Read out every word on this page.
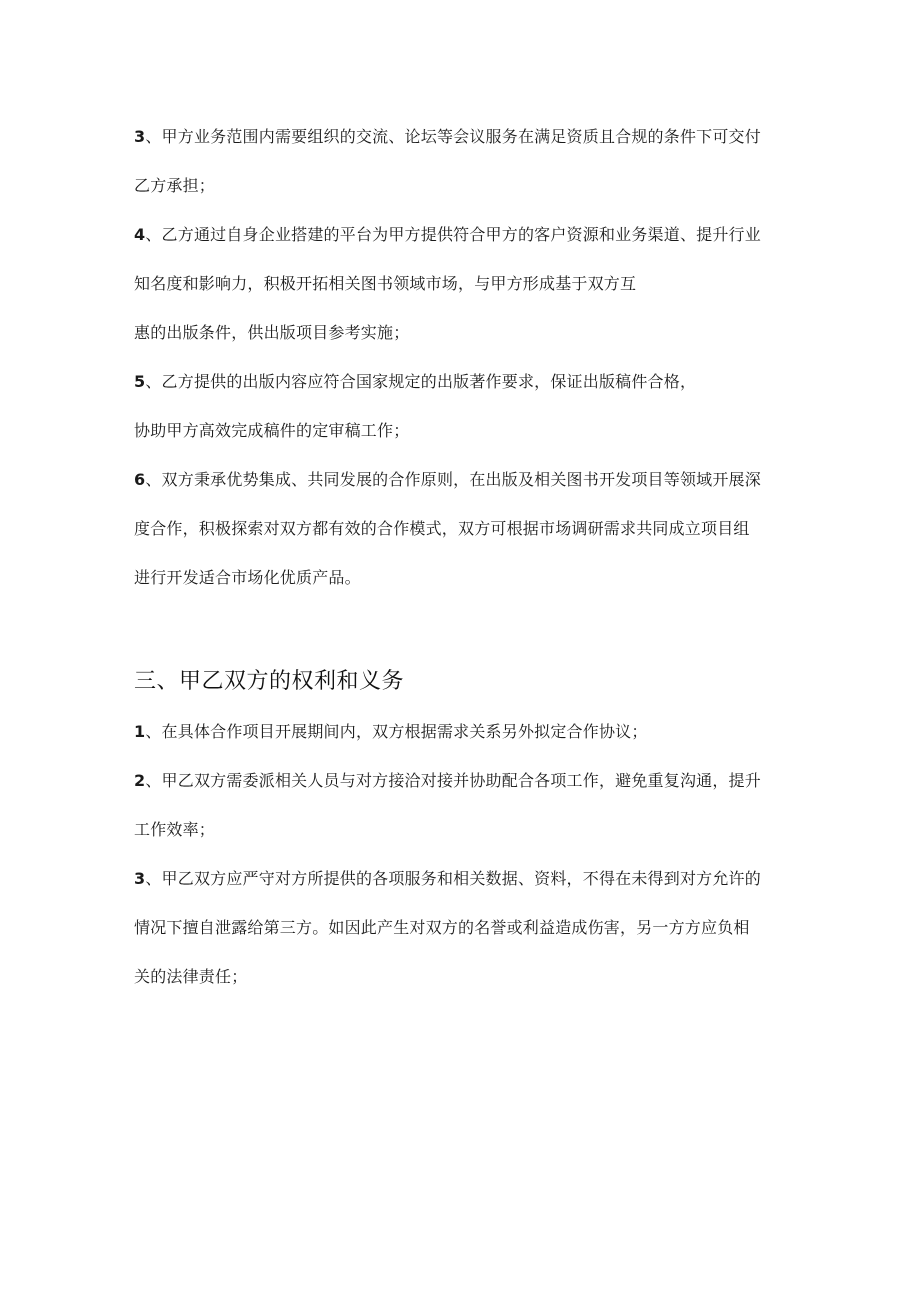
3、甲方业务范围内需要组织的交流、论坛等会议服务在满足资质且合规的条件下可交付
乙方承担；
4、乙方通过自身企业搭建的平台为甲方提供符合甲方的客户资源和业务渠道、提升行业
知名度和影响力，积极开拓相关图书领域市场，与甲方形成基于双方互
惠的出版条件，供出版项目参考实施；
5、乙方提供的出版内容应符合国家规定的出版著作要求，保证出版稿件合格，
协助甲方高效完成稿件的定审稿工作；
6、双方秉承优势集成、共同发展的合作原则，在出版及相关图书开发项目等领域开展深
度合作，积极探索对双方都有效的合作模式，双方可根据市场调研需求共同成立项目组
进行开发适合市场化优质产品。
三、甲乙双方的权利和义务
1、在具体合作项目开展期间内，双方根据需求关系另外拟定合作协议；
2、甲乙双方需委派相关人员与对方接洽对接并协助配合各项工作，避免重复沟通，提升
工作效率；
3、甲乙双方应严守对方所提供的各项服务和相关数据、资料，不得在未得到对方允许的
情况下擅自泄露给第三方。如因此产生对双方的名誉或利益造成伤害，另一方方应负相
关的法律责任；
